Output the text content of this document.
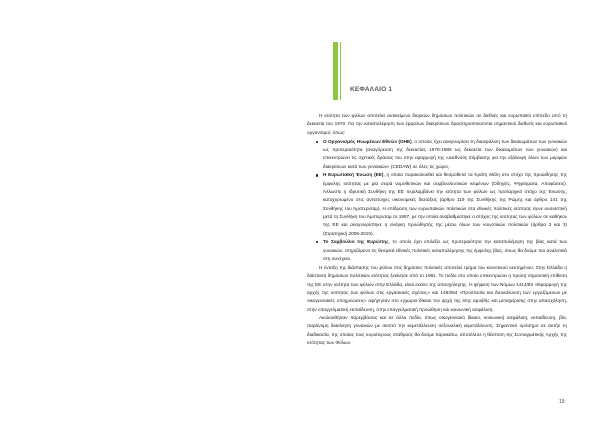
ΚΕΦΑΛΑΙΟ 1

Η ισότητα των φύλων αποτελεί αντικείμενο διαρκών δημόσιων πολιτικών σε διεθνές και ευρωπαϊκό επίπεδο από τη δεκαετία του 1970. Για την καταπολέμηση των έμφυλων διακρίσεων δραστηριοποιούνται σημαντικοί διεθνείς και ευρωπαϊκοί οργανισμοί, όπως:

Ο Οργανισμός Ηνωμένων Εθνών (ΟΗΕ), ο οποίος έχει αναγνωρίσει τη διασφάλιση των δικαιωμάτων των γυναικών ως προτεραιότητα (αναγόρευση της δεκαετίας 1975-1985 ως δεκαετία των δικαιωμάτων των γυναικών) και επικεντρώνει τις σχετικές δράσεις του στην εφαρμογή της «Διεθνούς Σύμβασης για την εξάλειψη όλων των μορφών διακρίσεων κατά των γυναικών» (CEDAW) σε όλες τις χώρες.
Η Ευρωπαϊκή Ένωση (ΕΕ), η οποία παρακολουθεί και θεσμοθετεί τα Κράτη Μέλη στο στόχο της προώθησης της έμφυλης ισότητας με μία σειρά νομοθετικών και συμβουλευτικών κειμένων (Οδηγίες, Ψηφίσματα, Αποφάσεις). Άλλωστε η Ιδρυτική Συνθήκη της ΕΕ περιλαμβάνει την ισότητα των φύλων ως προταρχικό στόχο της Ένωσης, κατοχυρωμένο στις αντίστοιχες οικονομικές διατάξεις (άρθρο 119 της Συνθήκης της Ρώμης και άρθρο 141 της Συνθήκης του Άμστερνταμ). Η επίδραση των ευρωπαϊκών πολιτικών στα εθνικές πολιτικές ισότητας έγινε ουσιαστική μετά τη Συνθήκη του Άμστερνταμ το 1997, με την οποία αναβαθμίστηκε ο στόχος της ισότητας των φύλων σε καθήκον της ΕΕ και αναγνωρίστηκε η ανάγκη προώθησής της μέσω όλων των κοινοτικών πολιτικών (άρθρα 2 και 3) (Στρατηγική 2006-2010).
Το Συμβούλιο της Ευρώπης, το οποίο έχει επιλέξει ως προτεραιότητα την καταπολέμηση της βίας κατά των γυναικών, στηριζόμενο τις θεσμικά εθνικές πολιτικές καταπολέμησης της έμφυλης βίας, όπως θα δούμε πιο αναλυτικά στη συνέχεια.

Η ένταξη της διάστασης του φύλου στις δημόσιες πολιτικές αποτελεί τμήμα του κοινοτικού κεκτημένου. Στην Ελλάδα η διάσταση δημόσιων πολιτικών ισότητας ξεκίνησε από το 1981. Το πεδίο στο οποίο επικεντρώνει η πρώτη σημαντική επίθεση της ΕΕ στην ισότητα των φύλων στην Ελλάδα, είναι εκείνο της απασχόλησης. Η ψήφιση των Νόμων 1414/84 «Εφαρμογή της αρχής της ισότητας των φύλων στις εργασιακές σχέσεις» και 1483/84 «Προστασία και διευκόλυνση των εργαζόμενων με οικογενειακές υποχρεώσεις» αφήγησαν στο εγχώριο δίκαιο την αρχή της ίσης αμοιβής και μεταχείρισης στην απασχόληση, στην επαγγελματική εκπαίδευση, στην επαγγελματική προώθηση και κοινωνική ασφάλιση.

Ακολουθήσαν παρεμβάσεις και σε άλλα πεδία, όπως οικογενειακό δίκαιο, κοινωνική ασφάλιση, εκπαίδευση, βία, παράνομη διακίνηση γυναικών με σκοπό την εκμετάλλευση σεξουαλική εκμετάλλευση. Σημαντικό ορόσημο σε αυτήν τη διαδικασία, της οποίας τους κυριότερους σταθμούς θα δούμε παρακάτω, αποτέλεσε η θέσπιση της Συνταγματικής Αρχής της Ισότητας των Φύλων.

19
